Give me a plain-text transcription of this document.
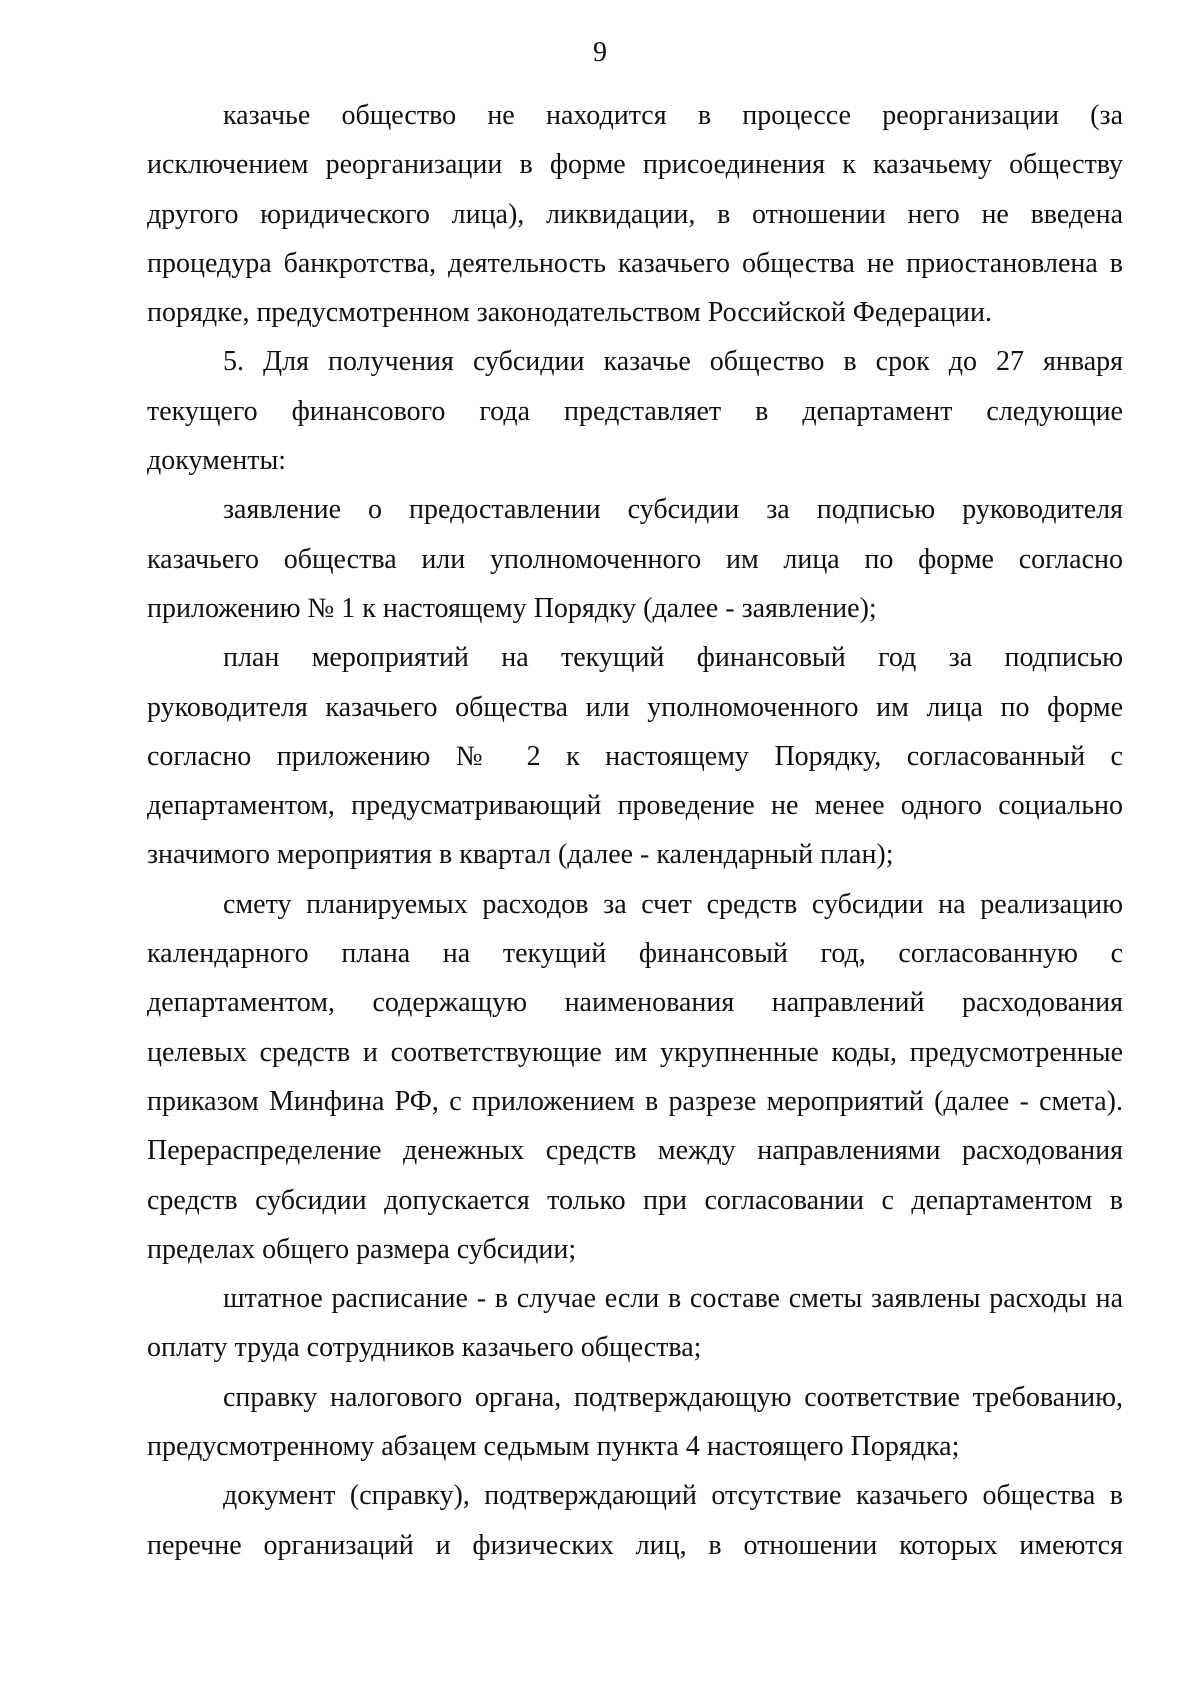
9

казачье общество не находится в процессе реорганизации (за

исключением реорганизации в форме присоединения к казачьему обществу

другого юридического лица), ликвидации, в отношении него не введена

процедура банкротства, деятельность казачьего общества не приостановлена в

порядке, предусмотренном законодательством Российской Федерации.

5. Для получения субсидии казачье общество в срок до 27 января

текущего финансового года представляет в департамент следующие

документы:

заявление о предоставлении субсидии за подписью руководителя

казачьего общества или уполномоченного им лица по форме согласно

приложению № 1 к настоящему Порядку (далее - заявление);

план мероприятий на текущий финансовый год за подписью

руководителя казачьего общества или уполномоченного им лица по форме

согласно приложению № 2 к настоящему Порядку, согласованный с

департаментом, предусматривающий проведение не менее одного социально

значимого мероприятия в квартал (далее - календарный план);

смету планируемых расходов за счет средств субсидии на реализацию

календарного плана на текущий финансовый год, согласованную с

департаментом, содержащую наименования направлений расходования

целевых средств и соответствующие им укрупненные коды, предусмотренные

приказом Минфина РФ, с приложением в разрезе мероприятий (далее - смета).

Перераспределение денежных средств между направлениями расходования

средств субсидии допускается только при согласовании с департаментом в

пределах общего размера субсидии;

штатное расписание - в случае если в составе сметы заявлены расходы на

оплату труда сотрудников казачьего общества;

справку налогового органа, подтверждающую соответствие требованию,

предусмотренному абзацем седьмым пункта 4 настоящего Порядка;

документ (справку), подтверждающий отсутствие казачьего общества в

перечне организаций и физических лиц, в отношении которых имеются
